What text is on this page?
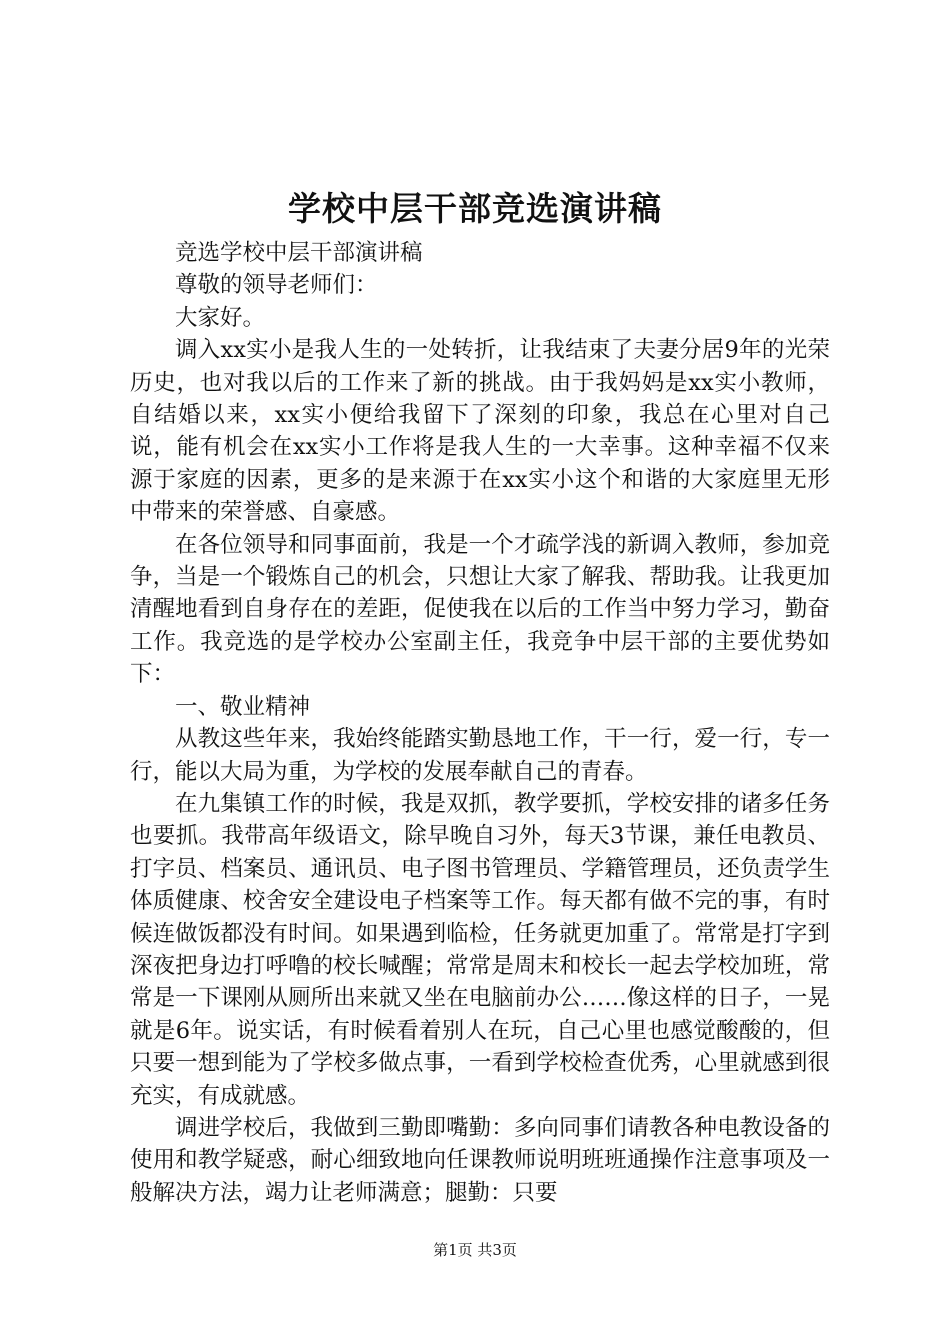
学校中层干部竞选演讲稿

竞选学校中层干部演讲稿

尊敬的领导老师们：

大家好。

调入xx实小是我人生的一处转折，让我结束了夫妻分居9年的光荣历史，也对我以后的工作来了新的挑战。由于我妈妈是xx实小教师，自结婚以来，xx实小便给我留下了深刻的印象，我总在心里对自己说，能有机会在xx实小工作将是我人生的一大幸事。这种幸福不仅来源于家庭的因素，更多的是来源于在xx实小这个和谐的大家庭里无形中带来的荣誉感、自豪感。

在各位领导和同事面前，我是一个才疏学浅的新调入教师，参加竞争，当是一个锻炼自己的机会，只想让大家了解我、帮助我。让我更加清醒地看到自身存在的差距，促使我在以后的工作当中努力学习，勤奋工作。我竞选的是学校办公室副主任，我竞争中层干部的主要优势如下：

一、敬业精神

从教这些年来，我始终能踏实勤恳地工作，干一行，爱一行，专一行，能以大局为重，为学校的发展奉献自己的青春。

在九集镇工作的时候，我是双抓，教学要抓，学校安排的诸多任务也要抓。我带高年级语文，除早晚自习外，每天3节课，兼任电教员、打字员、档案员、通讯员、电子图书管理员、学籍管理员，还负责学生体质健康、校舍安全建设电子档案等工作。每天都有做不完的事，有时候连做饭都没有时间。如果遇到临检，任务就更加重了。常常是打字到深夜把身边打呼噜的校长喊醒；常常是周末和校长一起去学校加班，常常是一下课刚从厕所出来就又坐在电脑前办公……像这样的日子，一晃就是6年。说实话，有时候看着别人在玩，自己心里也感觉酸酸的，但只要一想到能为了学校多做点事，一看到学校检查优秀，心里就感到很充实，有成就感。

调进学校后，我做到三勤即嘴勤：多向同事们请教各种电教设备的使用和教学疑惑，耐心细致地向任课教师说明班班通操作注意事项及一般解决方法，竭力让老师满意；腿勤：只要

第1页 共3页
